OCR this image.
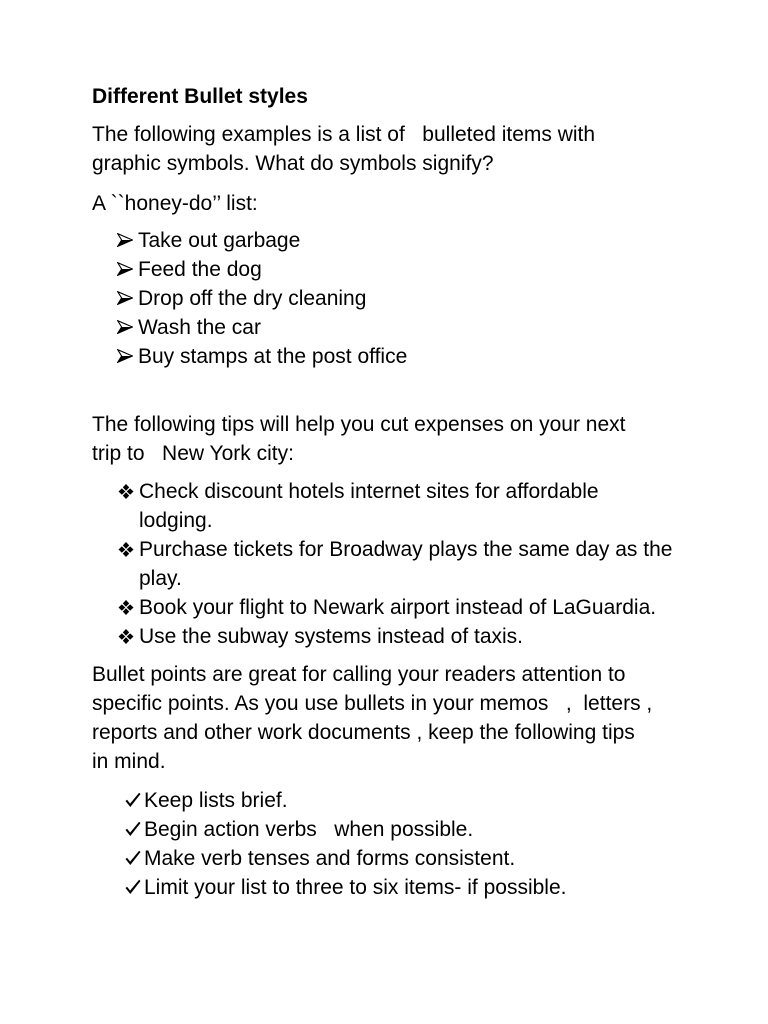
Different Bullet styles
The following examples is a list of   bulleted items with
graphic symbols. What do symbols signify?
A ``honey-do’’ list:
Take out garbage
Feed the dog
Drop off the dry cleaning
Wash the car
Buy stamps at the post office
The following tips will help you cut expenses on your next
trip to   New York city:
Check discount hotels internet sites for affordable
lodging.
Purchase tickets for Broadway plays the same day as the
play.
Book your flight to Newark airport instead of LaGuardia.
Use the subway systems instead of taxis.
Bullet points are great for calling your readers attention to
specific points. As you use bullets in your memos   ,  letters ,
reports and other work documents , keep the following tips
in mind.
Keep lists brief.
Begin action verbs   when possible.
Make verb tenses and forms consistent.
Limit your list to three to six items- if possible.
